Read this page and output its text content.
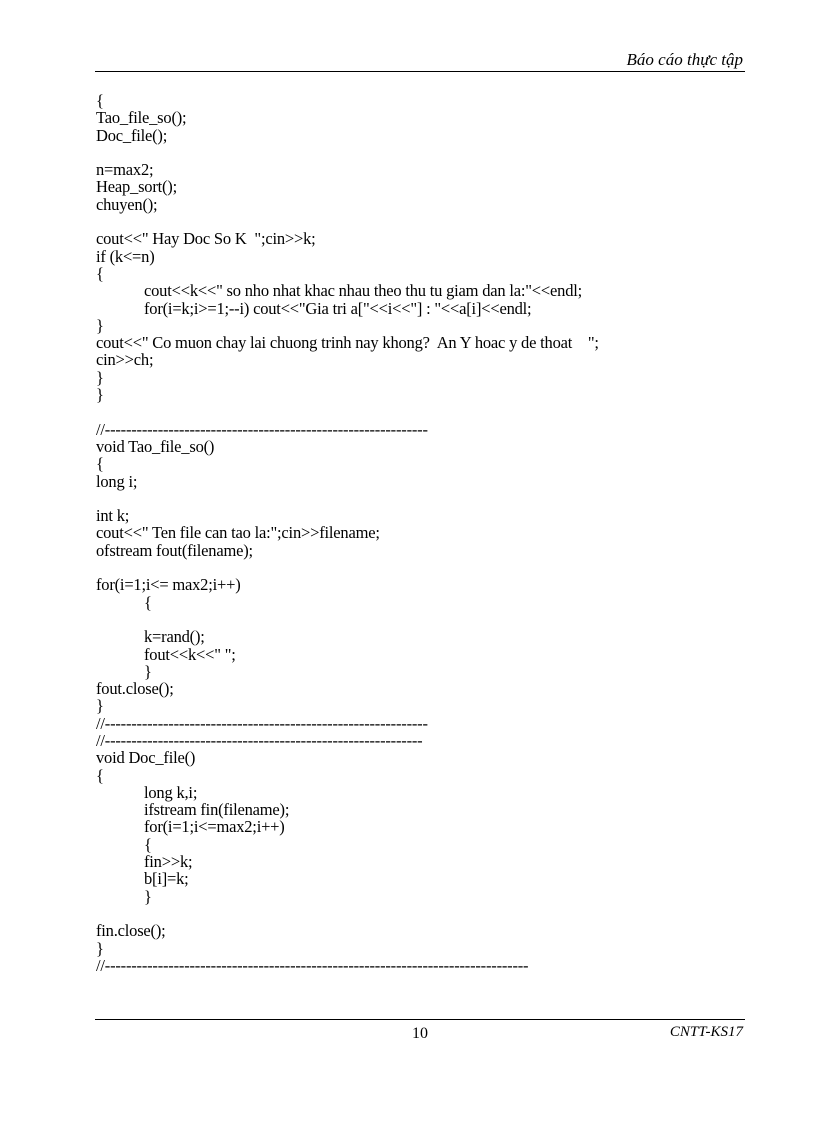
Báo cáo thực tập
{
Tao_file_so();
Doc_file();
n=max2;
Heap_sort();
chuyen();
cout<<" Hay Doc So K  ";cin>>k;
if (k<=n)
{
cout<<k<<" so nho nhat khac nhau theo thu tu giam dan la:"<<endl;
for(i=k;i>=1;--i) cout<<"Gia tri a["<<i<<"] : "<<a[i]<<endl;
}
cout<<" Co muon chay lai chuong trinh nay khong?  An Y hoac y de thoat    ";
cin>>ch;
}
}
//-------------------------------------------------------------
void Tao_file_so()
{
long i;
int k;
cout<<" Ten file can tao la:";cin>>filename;
ofstream fout(filename);
for(i=1;i<= max2;i++)
{
k=rand();
fout<<k<<" ";
}
fout.close();
}
//-------------------------------------------------------------
//------------------------------------------------------------
void Doc_file()
{
long k,i;
ifstream fin(filename);
for(i=1;i<=max2;i++)
{
fin>>k;
b[i]=k;
}
fin.close();
}
//--------------------------------------------------------------------------------
10	CNTT-KS17
